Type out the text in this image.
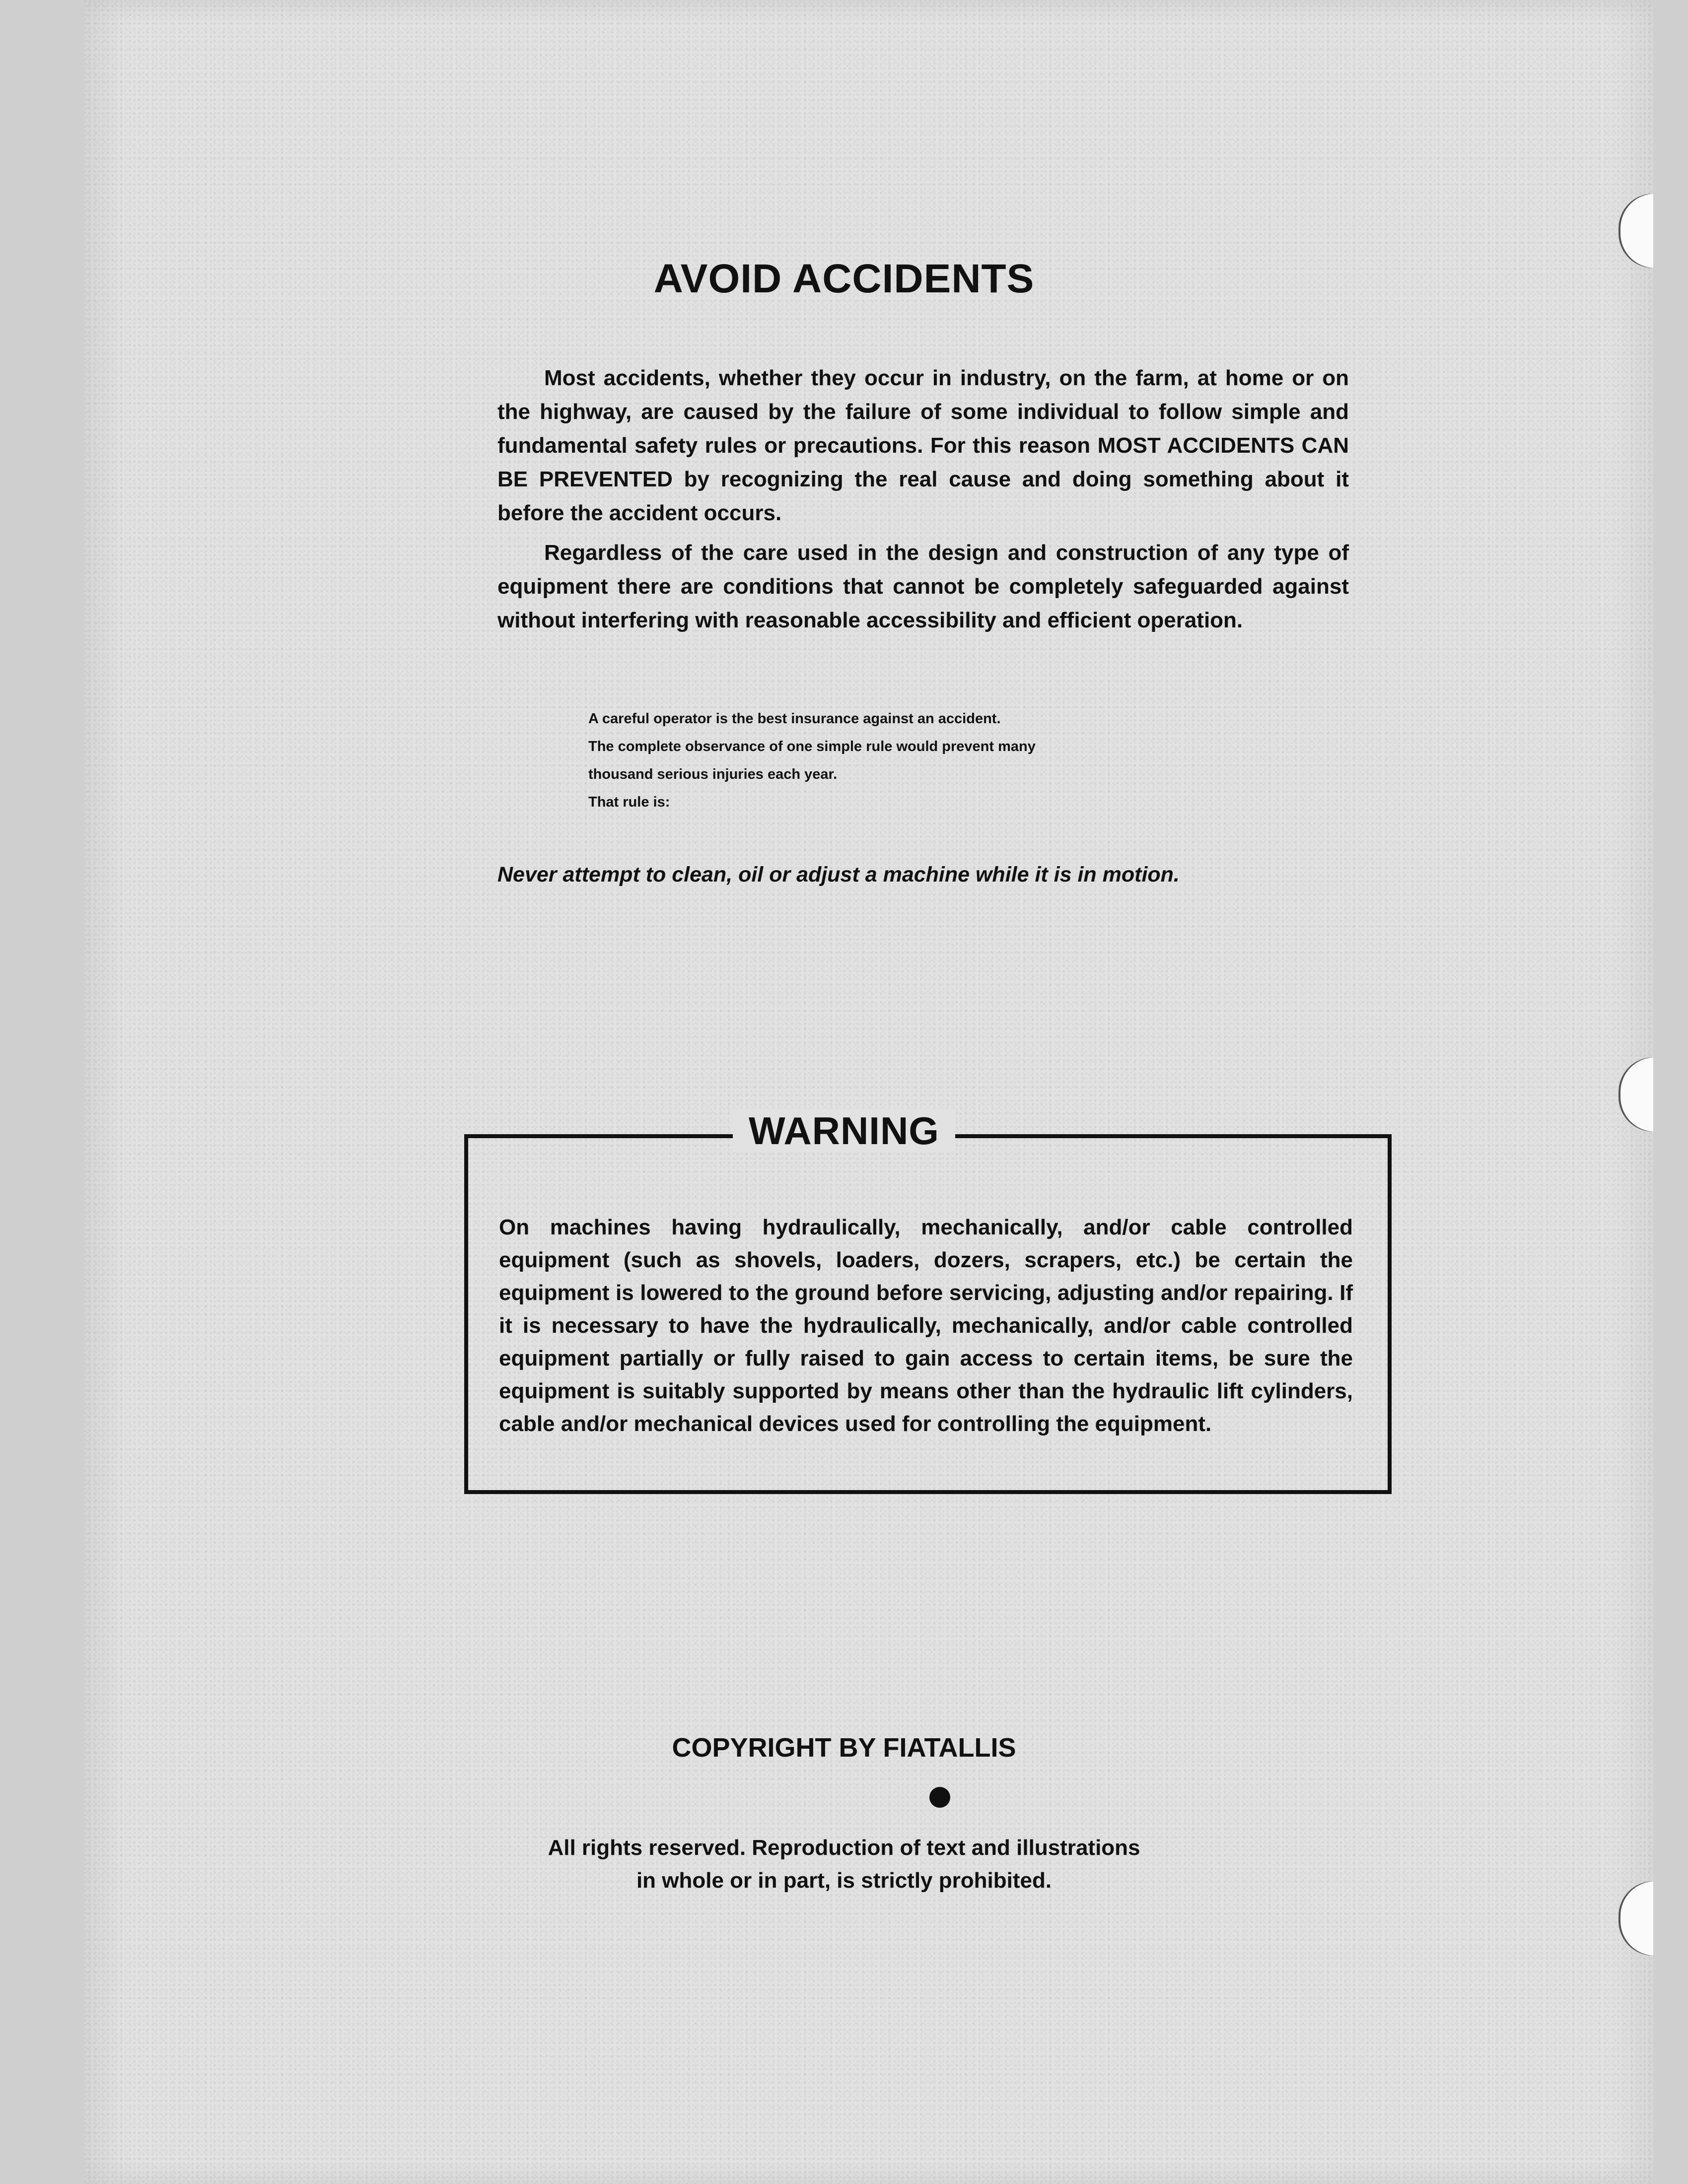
AVOID ACCIDENTS

Most accidents, whether they occur in industry, on the farm, at home or on the highway, are caused by the failure of some individual to follow simple and fundamental safety rules or precautions. For this reason MOST ACCIDENTS CAN BE PREVENTED by recognizing the real cause and doing something about it before the accident occurs.

Regardless of the care used in the design and construction of any type of equipment there are conditions that cannot be completely safeguarded against without interfering with reasonable accessibility and efficient operation.

A careful operator is the best insurance against an accident.
The complete observance of one simple rule would prevent many
thousand serious injuries each year.
That rule is:
Never attempt to clean, oil or adjust a machine while it is in motion.
WARNING

On machines having hydraulically, mechanically, and/or cable controlled equipment (such as shovels, loaders, dozers, scrapers, etc.) be certain the equipment is lowered to the ground before servicing, adjusting and/or repairing. If it is necessary to have the hydraulically, mechanically, and/or cable controlled equipment partially or fully raised to gain access to certain items, be sure the equipment is suitably supported by means other than the hydraulic lift cylinders, cable and/or mechanical devices used for controlling the equipment.

COPYRIGHT BY FIATALLIS
All rights reserved. Reproduction of text and illustrations
in whole or in part, is strictly prohibited.
